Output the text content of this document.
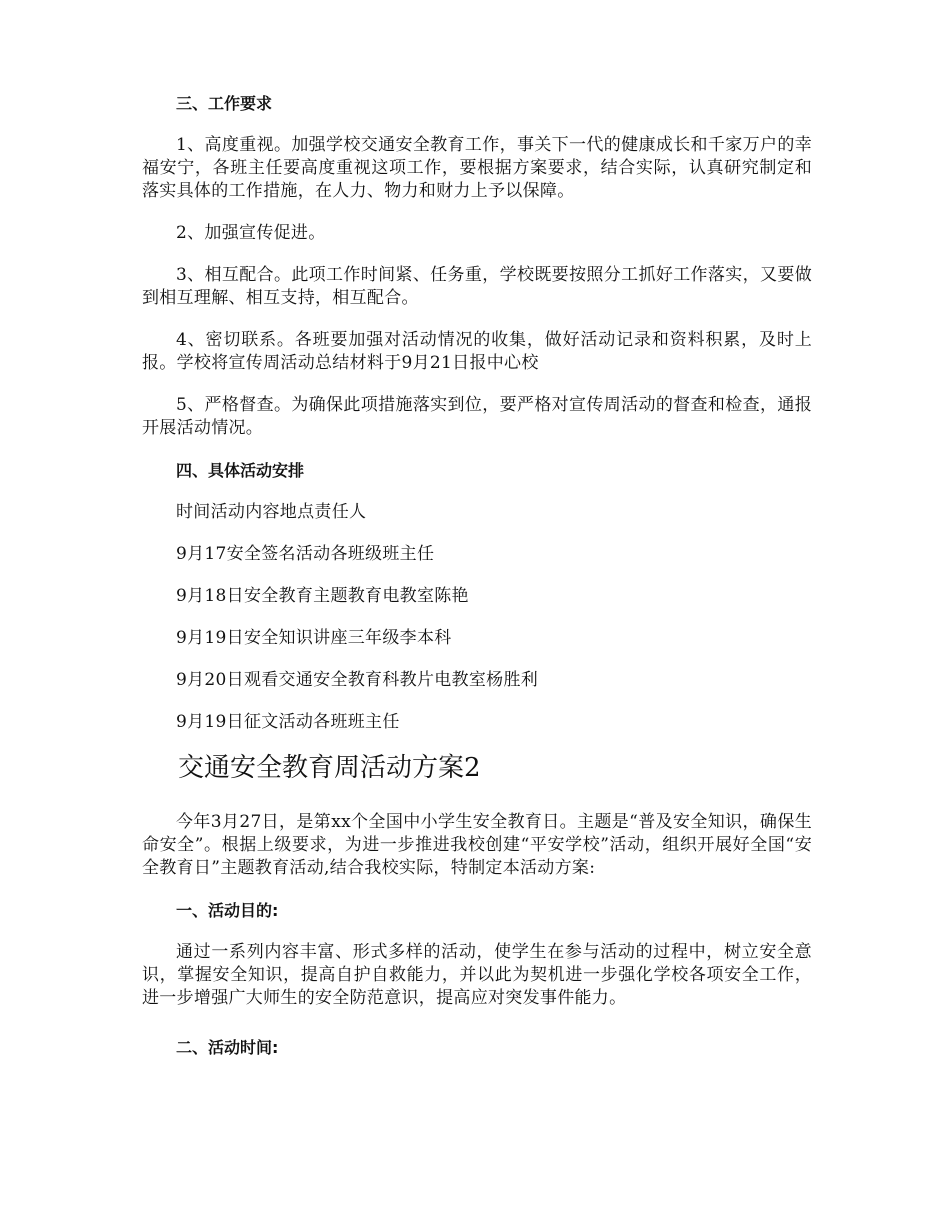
三、工作要求

1、高度重视。加强学校交通安全教育工作，事关下一代的健康成长和千家万户的幸福安宁，各班主任要高度重视这项工作，要根据方案要求，结合实际，认真研究制定和落实具体的工作措施，在人力、物力和财力上予以保障。

2、加强宣传促进。

3、相互配合。此项工作时间紧、任务重，学校既要按照分工抓好工作落实，又要做到相互理解、相互支持，相互配合。

4、密切联系。各班要加强对活动情况的收集，做好活动记录和资料积累，及时上报。学校将宣传周活动总结材料于9月21日报中心校

5、严格督查。为确保此项措施落实到位，要严格对宣传周活动的督查和检查，通报开展活动情况。

四、具体活动安排

时间活动内容地点责任人

9月17安全签名活动各班级班主任

9月18日安全教育主题教育电教室陈艳

9月19日安全知识讲座三年级李本科

9月20日观看交通安全教育科教片电教室杨胜利

9月19日征文活动各班班主任

交通安全教育周活动方案2

今年3月27日，是第xx个全国中小学生安全教育日。主题是“普及安全知识，确保生命安全”。根据上级要求，为进一步推进我校创建“平安学校”活动，组织开展好全国“安全教育日”主题教育活动,结合我校实际，特制定本活动方案:

一、活动目的:

通过一系列内容丰富、形式多样的活动，使学生在参与活动的过程中，树立安全意识，掌握安全知识，提高自护自救能力，并以此为契机进一步强化学校各项安全工作，进一步增强广大师生的安全防范意识，提高应对突发事件能力。

二、活动时间:
